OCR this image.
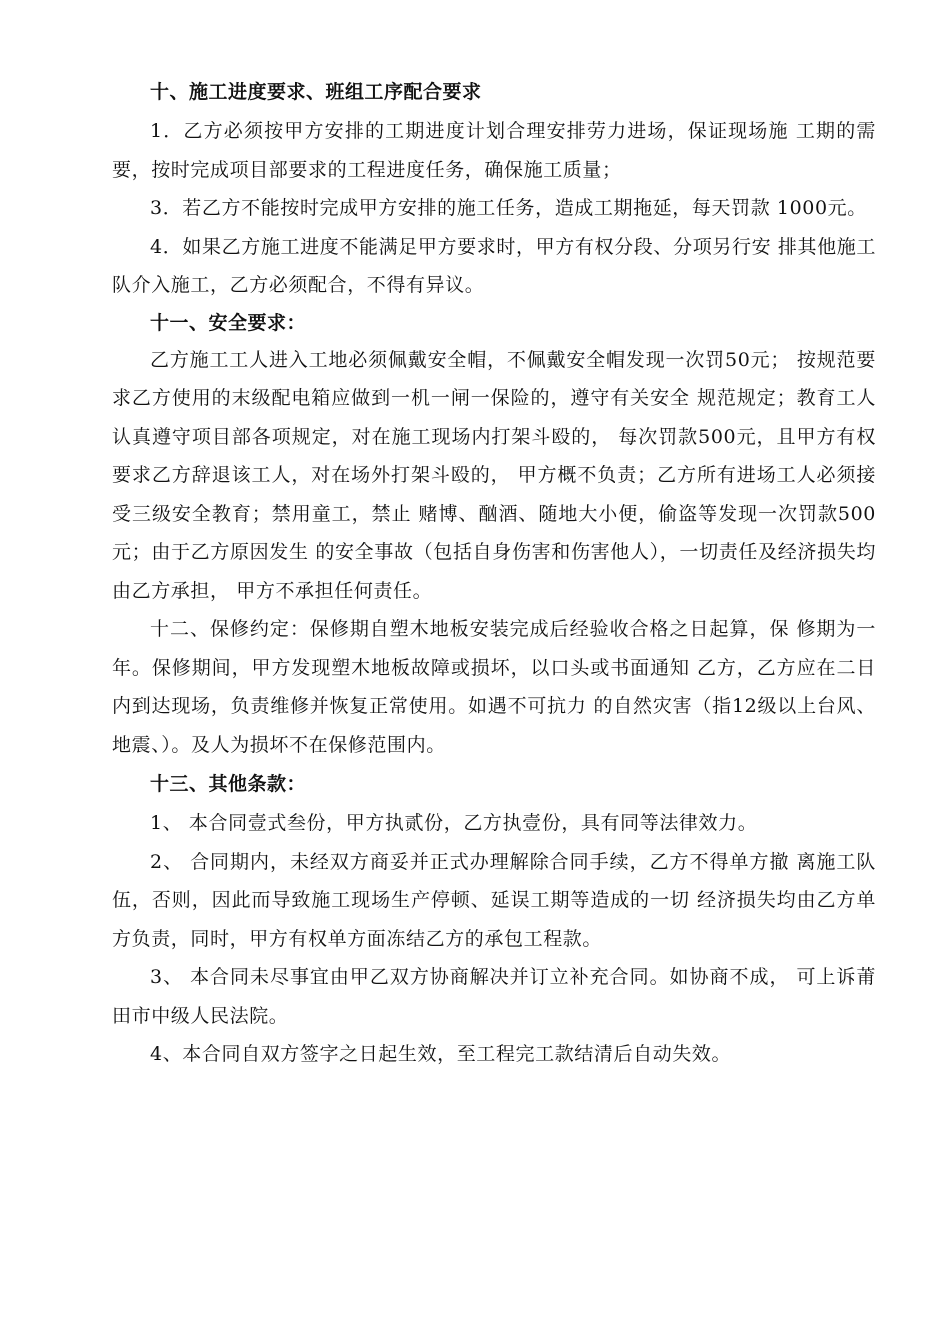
十、施工进度要求、班组工序配合要求

1．乙方必须按甲方安排的工期进度计划合理安排劳力进场，保证现场施 工期的需要，按时完成项目部要求的工程进度任务，确保施工质量；

3．若乙方不能按时完成甲方安排的施工任务，造成工期拖延，每天罚款 1000元。

4．如果乙方施工进度不能满足甲方要求时，甲方有权分段、分项另行安 排其他施工队介入施工，乙方必须配合，不得有异议。

十一、安全要求：

乙方施工工人进入工地必须佩戴安全帽，不佩戴安全帽发现一次罚50元； 按规范要求乙方使用的末级配电箱应做到一机一闸一保险的，遵守有关安全 规范规定；教育工人认真遵守项目部各项规定，对在施工现场内打架斗殴的， 每次罚款500元，且甲方有权要求乙方辞退该工人，对在场外打架斗殴的， 甲方概不负责；乙方所有进场工人必须接受三级安全教育；禁用童工，禁止 赌博、酗酒、随地大小便，偷盗等发现一次罚款500元；由于乙方原因发生 的安全事故（包括自身伤害和伤害他人），一切责任及经济损失均由乙方承担， 甲方不承担任何责任。

十二、保修约定：保修期自塑木地板安装完成后经验收合格之日起算，保 修期为一年。保修期间，甲方发现塑木地板故障或损坏，以口头或书面通知 乙方，乙方应在二日内到达现场，负责维修并恢复正常使用。如遇不可抗力 的自然灾害（指12级以上台风、地震、）。及人为损坏不在保修范围内。

十三、其他条款：

1、 本合同壹式叁份，甲方执贰份，乙方执壹份，具有同等法律效力。

2、 合同期内，未经双方商妥并正式办理解除合同手续，乙方不得单方撤 离施工队伍，否则，因此而导致施工现场生产停顿、延误工期等造成的一切 经济损失均由乙方单方负责，同时，甲方有权单方面冻结乙方的承包工程款。

3、 本合同未尽事宜由甲乙双方协商解决并订立补充合同。如协商不成， 可上诉莆田市中级人民法院。

4、本合同自双方签字之日起生效，至工程完工款结清后自动失效。
